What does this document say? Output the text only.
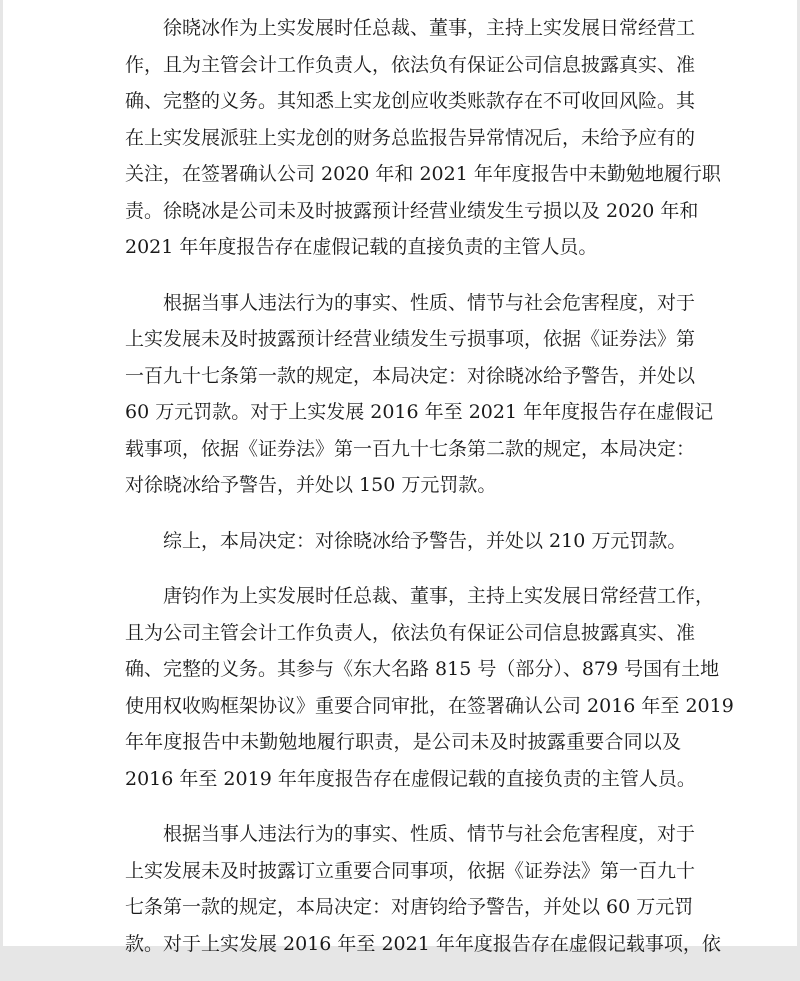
徐晓冰作为上实发展时任总裁、董事，主持上实发展日常经营工
作，且为主管会计工作负责人，依法负有保证公司信息披露真实、准
确、完整的义务。其知悉上实龙创应收类账款存在不可收回风险。其
在上实发展派驻上实龙创的财务总监报告异常情况后，未给予应有的
关注，在签署确认公司 2020 年和 2021 年年度报告中未勤勉地履行职
责。徐晓冰是公司未及时披露预计经营业绩发生亏损以及 2020 年和
2021 年年度报告存在虚假记载的直接负责的主管人员。

根据当事人违法行为的事实、性质、情节与社会危害程度，对于
上实发展未及时披露预计经营业绩发生亏损事项，依据《证券法》第
一百九十七条第一款的规定，本局决定：对徐晓冰给予警告，并处以
60 万元罚款。对于上实发展 2016 年至 2021 年年度报告存在虚假记
载事项，依据《证券法》第一百九十七条第二款的规定，本局决定：
对徐晓冰给予警告，并处以 150 万元罚款。

综上，本局决定：对徐晓冰给予警告，并处以 210 万元罚款。

唐钧作为上实发展时任总裁、董事，主持上实发展日常经营工作，
且为公司主管会计工作负责人，依法负有保证公司信息披露真实、准
确、完整的义务。其参与《东大名路 815 号（部分）、879 号国有土地
使用权收购框架协议》重要合同审批，在签署确认公司 2016 年至 2019
年年度报告中未勤勉地履行职责，是公司未及时披露重要合同以及
2016 年至 2019 年年度报告存在虚假记载的直接负责的主管人员。

根据当事人违法行为的事实、性质、情节与社会危害程度，对于
上实发展未及时披露订立重要合同事项，依据《证券法》第一百九十
七条第一款的规定，本局决定：对唐钧给予警告，并处以 60 万元罚
款。对于上实发展 2016 年至 2021 年年度报告存在虚假记载事项，依
